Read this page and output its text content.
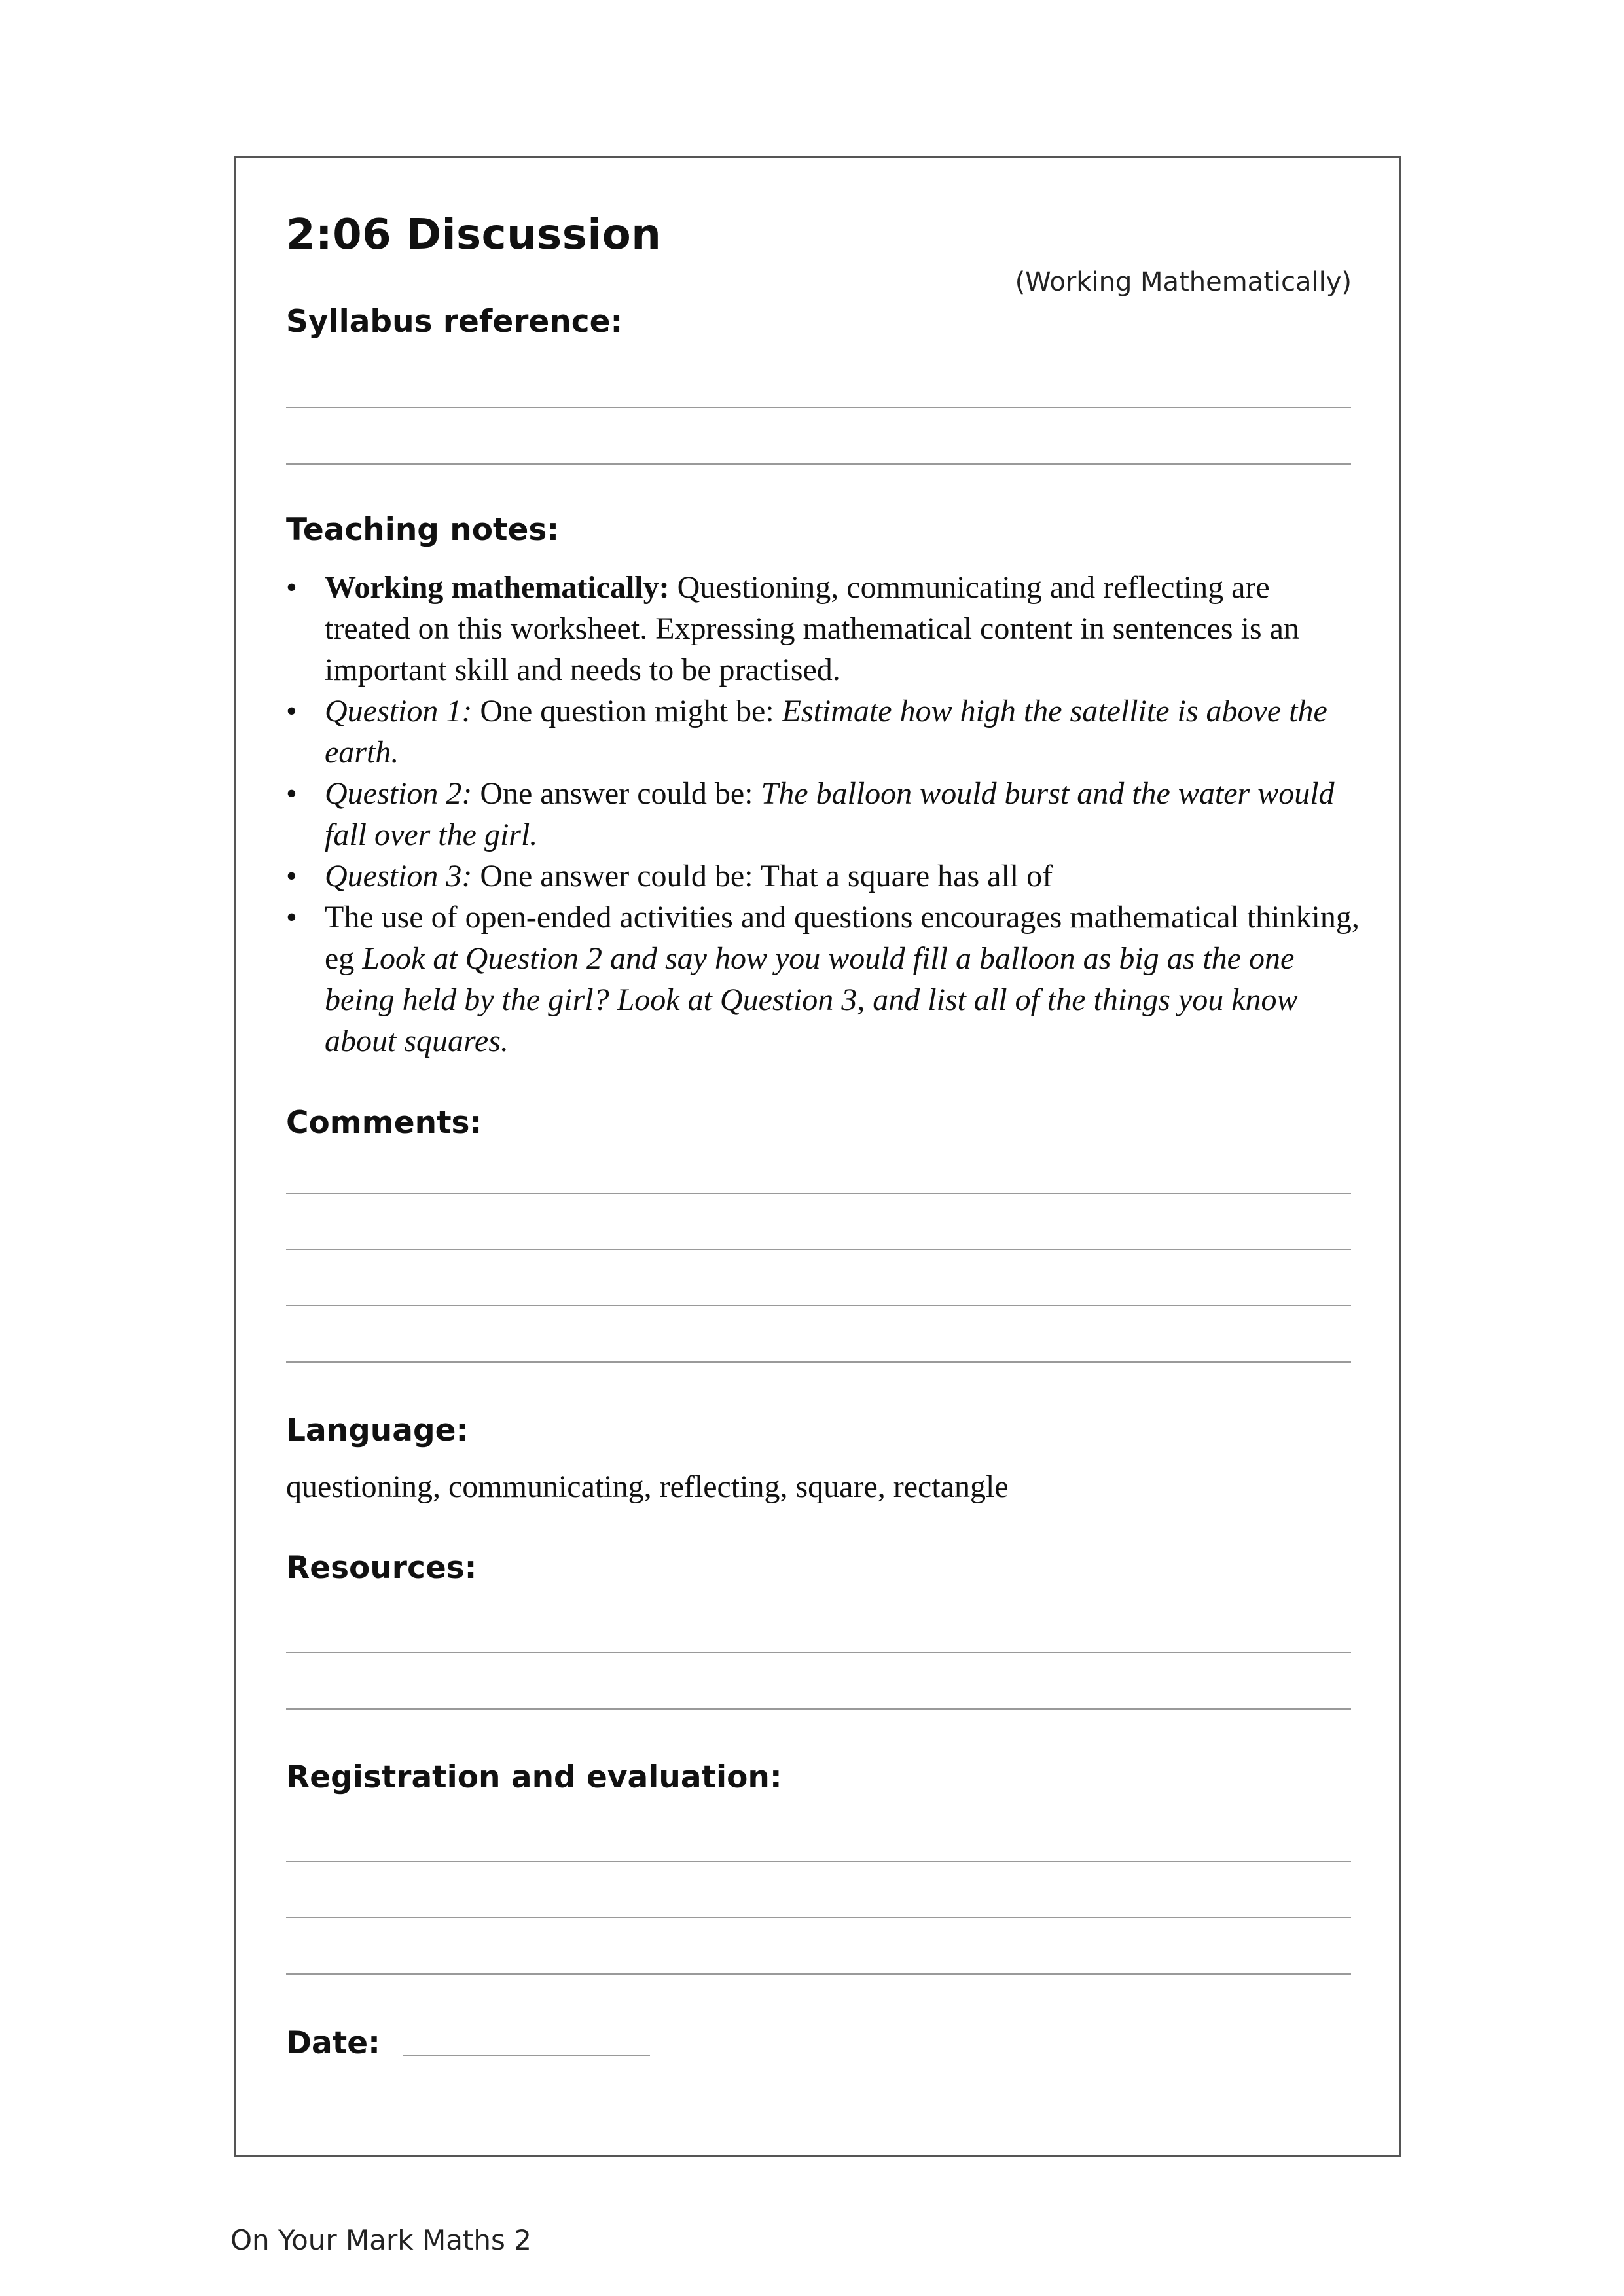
2:06 Discussion
(Working Mathematically)
Syllabus reference:
Teaching notes:
• Working mathematically: Questioning, communicating and reflecting are treated on this worksheet. Expressing mathematical content in sentences is an important skill and needs to be practised.
• Question 1: One question might be: Estimate how high the satellite is above the earth.
• Question 2: One answer could be: The balloon would burst and the water would fall over the girl.
• Question 3: One answer could be: That a square has all of
• The use of open-ended activities and questions encourages mathematical thinking, eg Look at Question 2 and say how you would fill a balloon as big as the one being held by the girl? Look at Question 3, and list all of the things you know about squares.
Comments:
Language:
questioning, communicating, reflecting, square, rectangle
Resources:
Registration and evaluation:
Date:
On Your Mark Maths 2
